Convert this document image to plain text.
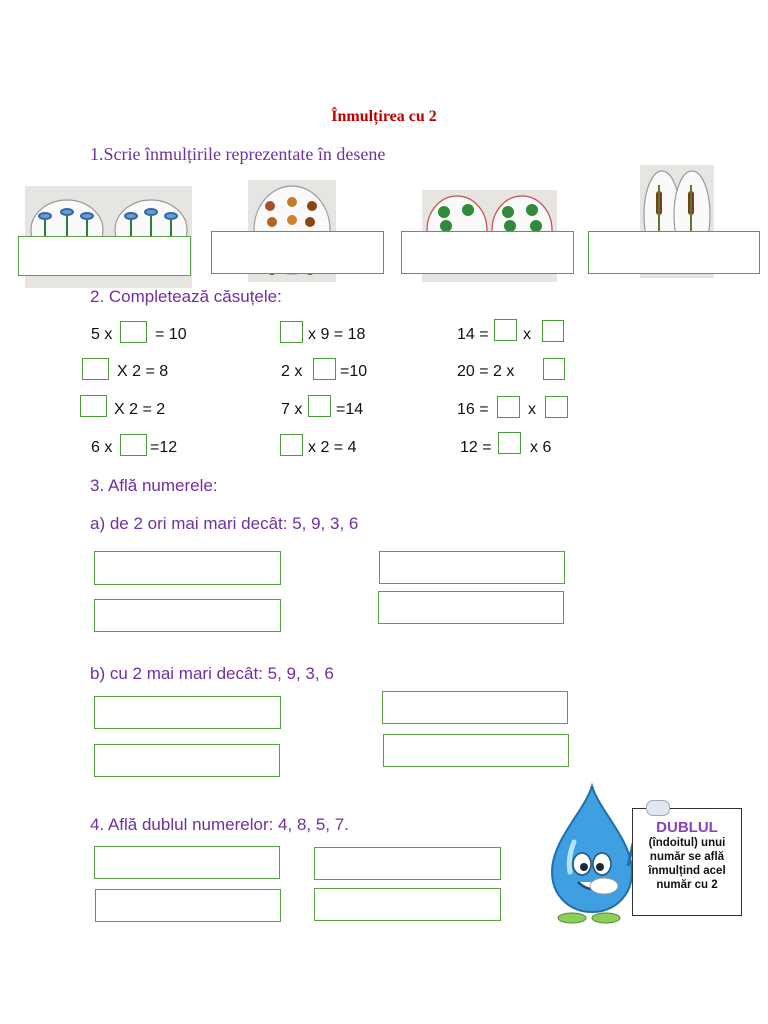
Înmulțirea cu 2
1.Scrie înmulțirile reprezentate în desene
2. Completează căsuțele:
5 x	= 10
X 2 = 8
X 2 = 2
6 x =12
x 9 = 18
2 x =10
7 x =14
x 2 = 4
14 = x
20 = 2 x
16 = x
12 = x 6
3. Află numerele:
a) de 2 ori mai mari decât: 5, 9, 3, 6
b) cu 2 mai mari decât: 5, 9, 3, 6
4. Află dublul numerelor: 4, 8, 5, 7.	DUBLUL
(îndoitul) unui
număr se află
înmulțind acel
număr cu 2
